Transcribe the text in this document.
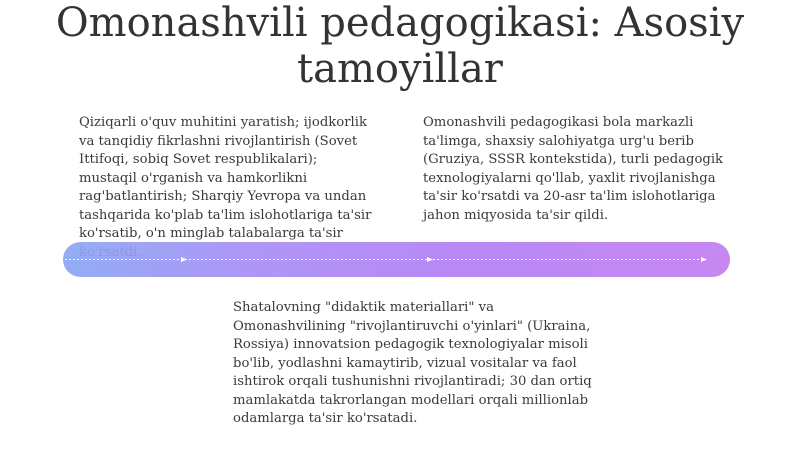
Omonashvili pedagogikasi: Asosiy tamoyillar

Qiziqarli o'quv muhitini yaratish; ijodkorlik va tanqidiy fikrlashni rivojlantirish (Sovet Ittifoqi, sobiq Sovet respublikalari); mustaqil o'rganish va hamkorlikni rag'batlantirish; Sharqiy Yevropa va undan tashqarida ko'plab ta'lim islohotlariga ta'sir ko'rsatib, o'n minglab talabalarga ta'sir

Omonashvili pedagogikasi bola markazli ta'limga, shaxsiy salohiyatga urg'u berib (Gruziya, SSSR kontekstida), turli pedagogik texnologiyalarni qo'llab, yaxlit rivojlanishga ta'sir ko'rsatdi va 20-asr ta'lim islohotlariga jahon miqyosida ta'sir qildi.

Shatalovning "didaktik materiallari" va Omonashvilining "rivojlantiruvchi o'yinlari" (Ukraina, Rossiya) innovatsion pedagogik texnologiyalar misoli bo'lib, yodlashni kamaytirib, vizual vositalar va faol ishtirok orqali tushunishni rivojlantiradi; 30 dan ortiq mamlakatda takrorlangan modellari orqali millionlab odamlarga ta'sir ko'rsatadi.
